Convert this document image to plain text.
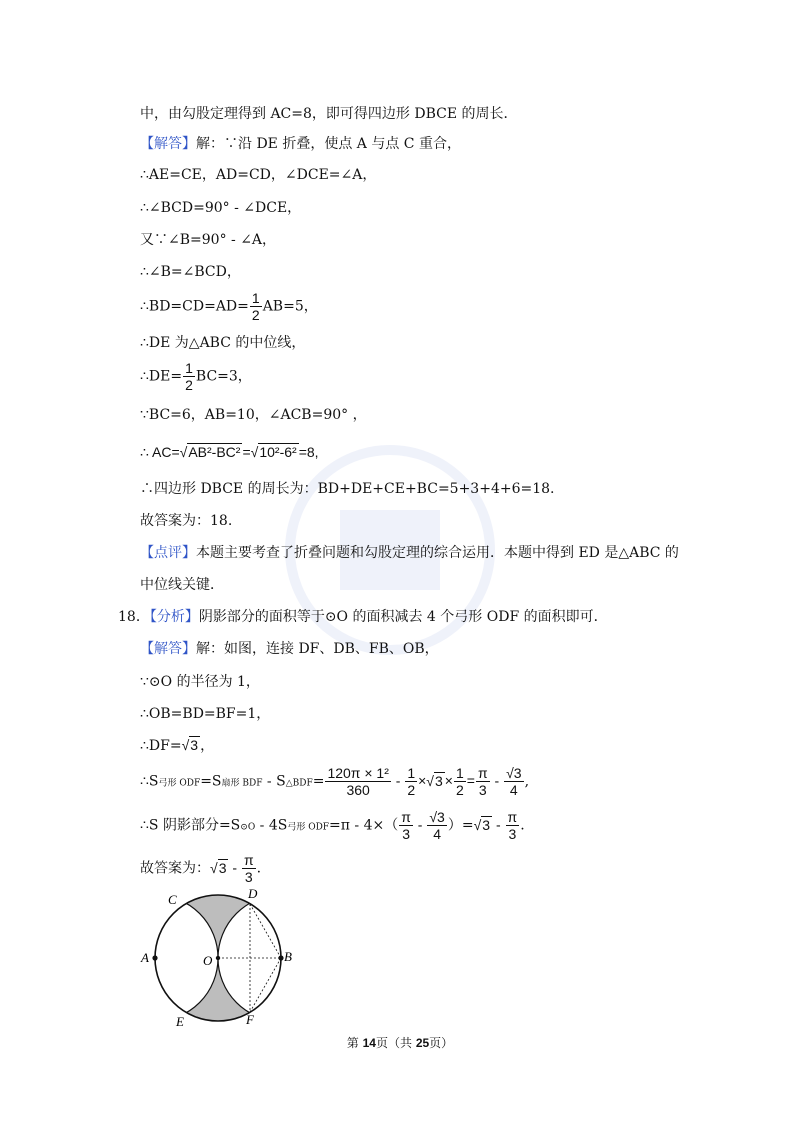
中，由勾股定理得到 AC=8，即可得四边形 DBCE 的周长．
【解答】解：∵沿 DE 折叠，使点 A 与点 C 重合，
∴AE=CE，AD=CD，∠DCE=∠A，
∴∠BCD=90° - ∠DCE，
又∵∠B=90° - ∠A，
∴∠B=∠BCD，
∴BD=CD=AD= $\frac{1}{2} AB=5$，
∴DE 为△ABC 的中位线，
∴DE= $\frac{1}{2} BC=3$，
∵BC=6，AB=10，∠ACB=90° ，
∴ AC=√AB²-BC² =√10²-6² =8,
∴四边形 DBCE 的周长为：BD+DE+CE+BC=5+3+4+6=18.
故答案为：18.
【点评】本题主要考查了折叠问题和勾股定理的综合运用．本题中得到 ED 是△ABC 的
中位线关键．
18．【分析】阴影部分的面积等于⊙O 的面积减去 4 个弓形 ODF 的面积即可．
【解答】解：如图，连接 DF、DB、FB、OB，
∵⊙O 的半径为 1，
∴OB=BD=BF=1，
∴DF=√3 ，
∴S弓形 ODF=S扇形 BDF - S△BDF= $\frac{\text{120π × 1²}}{360} - \frac{1}{2} \times√3 \times \frac{1}{2} = \frac{\pi}{3} - \frac{√3}{4}$ ,
∴S 阴影部分=S⊙O - 4S弓形 $ODF=\pi - 4\times( \frac{\pi}{3} - \frac{√3}{4} )=√3 - \frac{\pi}{3}$ .
故答案为：$√3 - \frac{\pi}{3}$ .
C	D
A	O	B
E	F
第 14页（共 25页）
